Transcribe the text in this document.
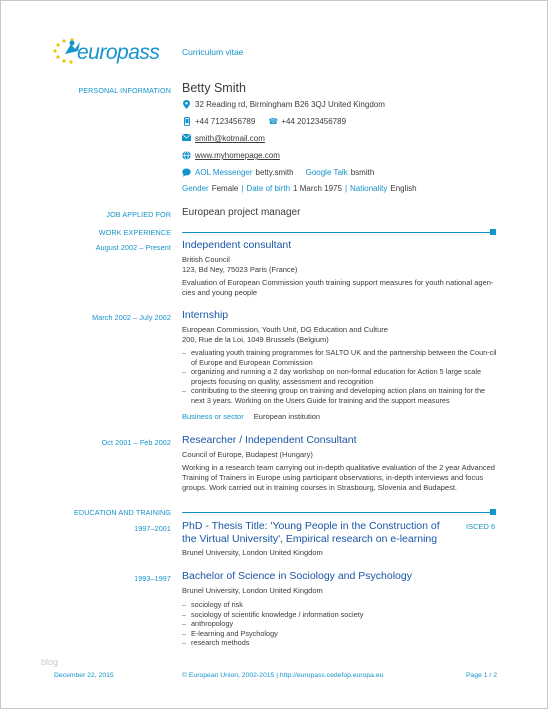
europass	Curriculum vitae
PERSONAL INFORMATION Betty Smith
32 Reading rd, Birmingham B26 3QJ United Kingdom
+44 7123456789 ☎ +44 20123456789
smith@kotmail.com
www.myhomepage.com
AOL Messenger betty.smith Google Talk bsmith
Gender Female | Date of birth 1 March 1975 | Nationality English
JOB APPLIED FOR European project manager
WORK EXPERIENCE
August 2002 – Present Independent consultant
British Council
123, Bd Ney, 75023 Paris (France)
Evaluation of European Commission youth training support measures for youth national agen-cies and young people
March 2002 – July 2002 Internship
European Commission, Youth Unit, DG Education and Culture
200, Rue de la Loi, 1049 Brussels (Belgium)
– evaluating youth training programmes for SALTO UK and the partnership between the Coun-cil of Europe and European Commission
– organizing and running a 2 day workshop on non-formal education for Action 5 large scale projects focusing on quality, assessment and recognition
– contributing to the steering group on training and developing action plans on training for the next 3 years. Working on the Users Guide for training and the support measures
Business or sector European institution
Oct 2001 – Feb 2002 Researcher / Independent Consultant
Council of Europe, Budapest (Hungary)
Working in a research team carrying out in-depth qualitative evaluation of the 2 year Advanced Training of Trainers in Europe using participant observations, in-depth interviews and focus groups. Work carried out in training courses in Strasbourg, Slovenia and Budapest.
EDUCATION AND TRAINING
1997–2001 PhD - Thesis Title: 'Young People in the Construction of the Virtual University', Empirical research on e-learning
ISCED 6
Brunel University, London United Kingdom
1993–1997 Bachelor of Science in Sociology and Psychology
Brunel University, London United Kingdom
– sociology of risk
– sociology of scientific knowledge / information society
– anthropology
– E-learning and Psychology
– research methods
blog
December 22, 2015	© European Union, 2002-2015 | http://europass.cedefop.europa.eu	Page 1 / 2
